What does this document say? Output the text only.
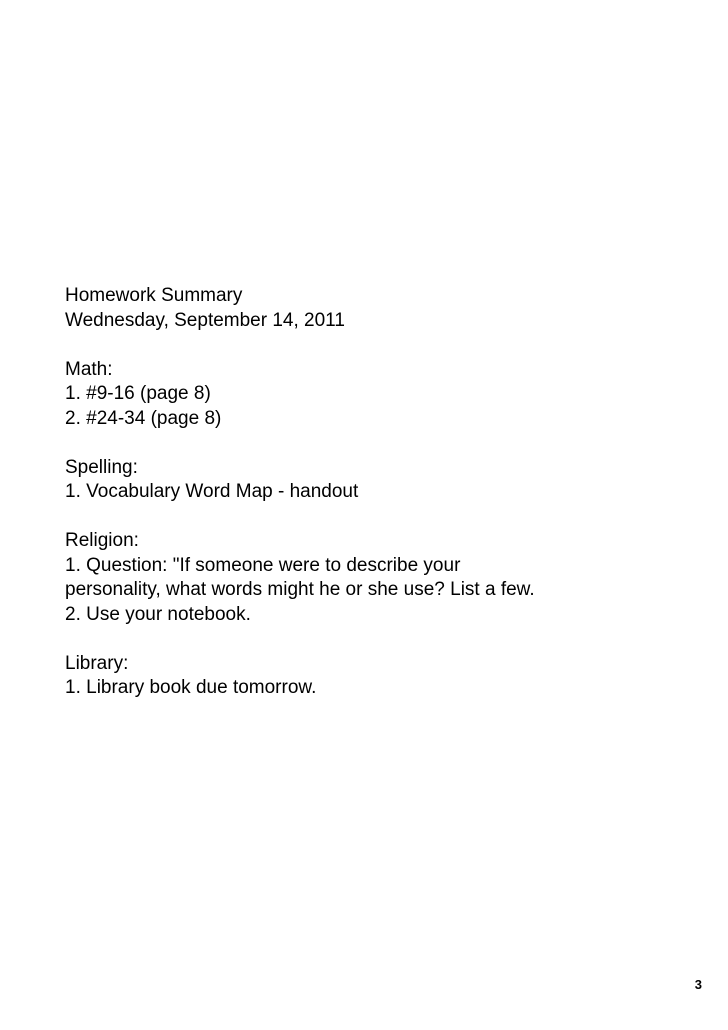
Homework Summary
Wednesday, September 14, 2011
Math:
1. #9-16 (page 8)
2. #24-34 (page 8)
Spelling:
1. Vocabulary Word Map - handout
Religion:
1. Question: "If someone were to describe your
personality, what words might he or she use? List a few.
2. Use your notebook.
Library:
1. Library book due tomorrow.
3
